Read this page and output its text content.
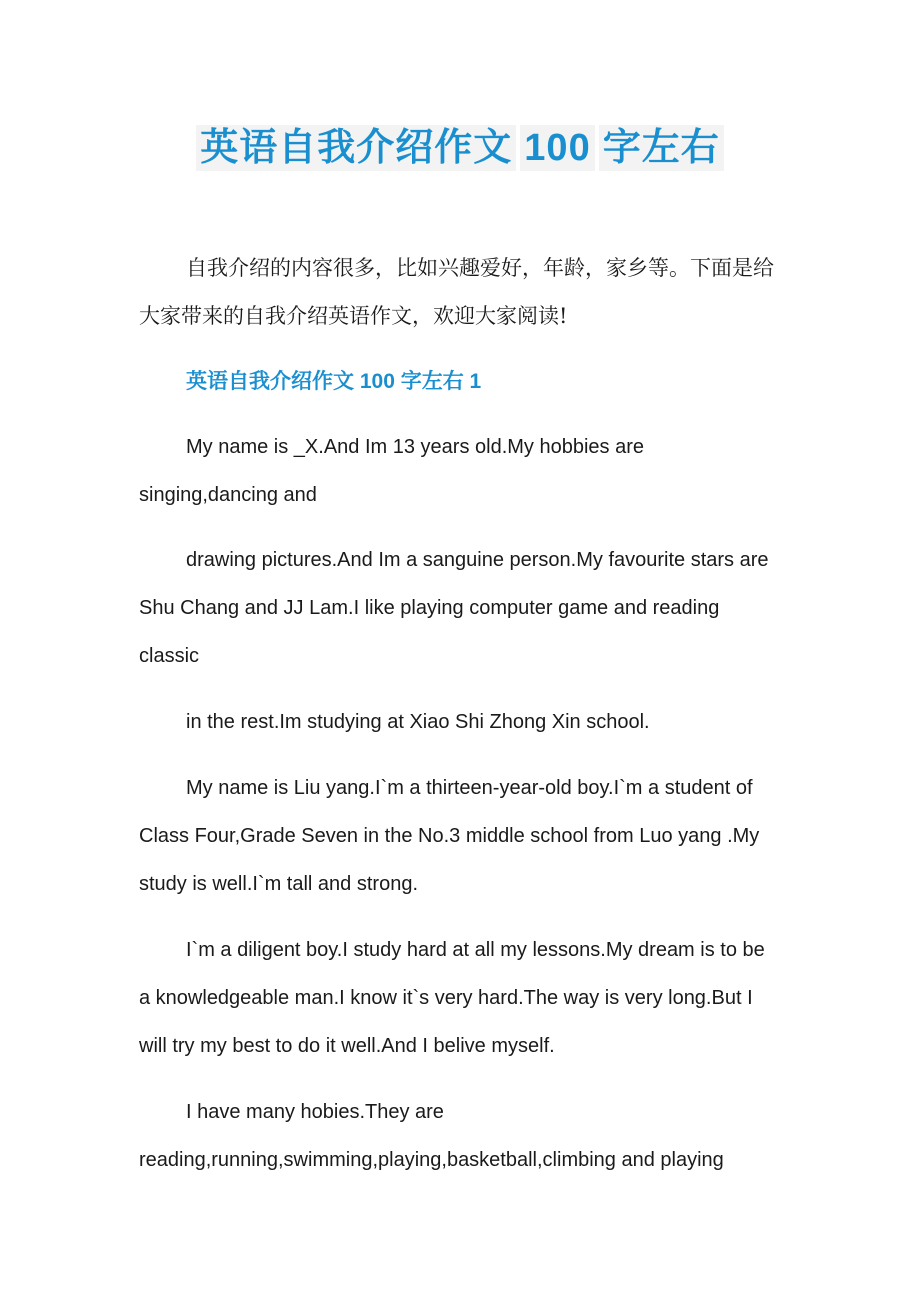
英语自我介绍作文 100 字左右

自我介绍的内容很多，比如兴趣爱好，年龄，家乡等。下面是给大家带来的自我介绍英语作文，欢迎大家阅读!

英语自我介绍作文 100 字左右 1

My name is _X.And Im 13 years old.My hobbies are singing,dancing and

drawing pictures.And Im a sanguine person.My favourite stars are Shu Chang and JJ Lam.I like playing computer game and reading classic

in the rest.Im studying at Xiao Shi Zhong Xin school.

My name is Liu yang.I`m a thirteen-year-old boy.I`m a student of Class Four,Grade Seven in the No.3 middle school from Luo yang .My study is well.I`m tall and strong.

I`m a diligent boy.I study hard at all my lessons.My dream is to be a knowledgeable man.I know it`s very hard.The way is very long.But I will try my best to do it well.And I belive myself.

I have many hobies.They are reading,running,swimming,playing,basketball,climbing and playing
